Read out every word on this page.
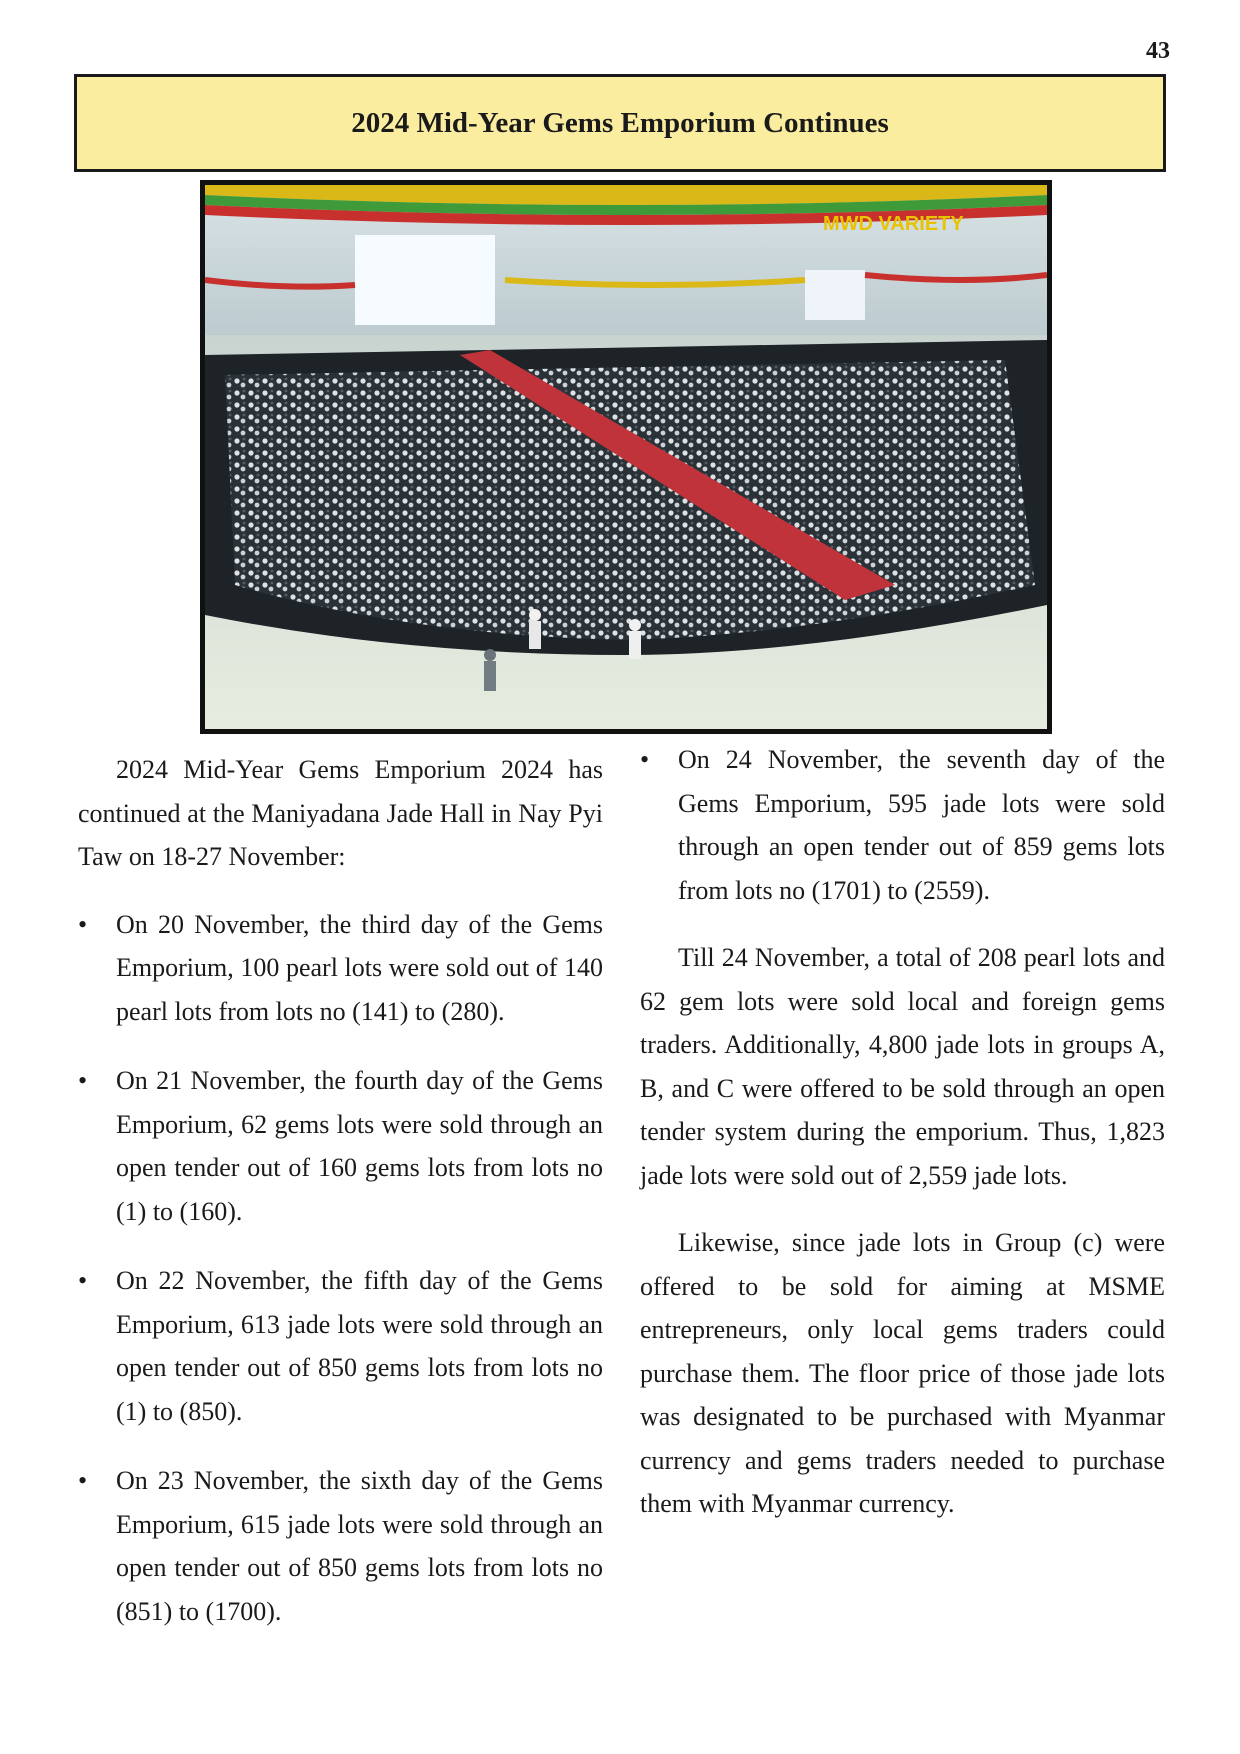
43
2024 Mid-Year Gems Emporium Continues
MWD VARIETY

2024 Mid-Year Gems Emporium 2024 has continued at the Maniyadana Jade Hall in Nay Pyi Taw on 18-27 November:

• On 20 November, the third day of the Gems Emporium, 100 pearl lots were sold out of 140 pearl lots from lots no (141) to (280).
• On 21 November, the fourth day of the Gems Emporium, 62 gems lots were sold through an open tender out of 160 gems lots from lots no (1) to (160).
• On 22 November, the fifth day of the Gems Emporium, 613 jade lots were sold through an open tender out of 850 gems lots from lots no (1) to (850).
• On 23 November, the sixth day of the Gems Emporium, 615 jade lots were sold through an open tender out of 850 gems lots from lots no (851) to (1700).
• On 24 November, the seventh day of the Gems Emporium, 595 jade lots were sold through an open tender out of 859 gems lots from lots no (1701) to (2559).

Till 24 November, a total of 208 pearl lots and 62 gem lots were sold local and foreign gems traders. Additionally, 4,800 jade lots in groups A, B, and C were offered to be sold through an open tender system during the emporium. Thus, 1,823 jade lots were sold out of 2,559 jade lots.

Likewise, since jade lots in Group (c) were offered to be sold for aiming at MSME entrepreneurs, only local gems traders could purchase them. The floor price of those jade lots was designated to be purchased with Myanmar currency and gems traders needed to purchase them with Myanmar currency.
